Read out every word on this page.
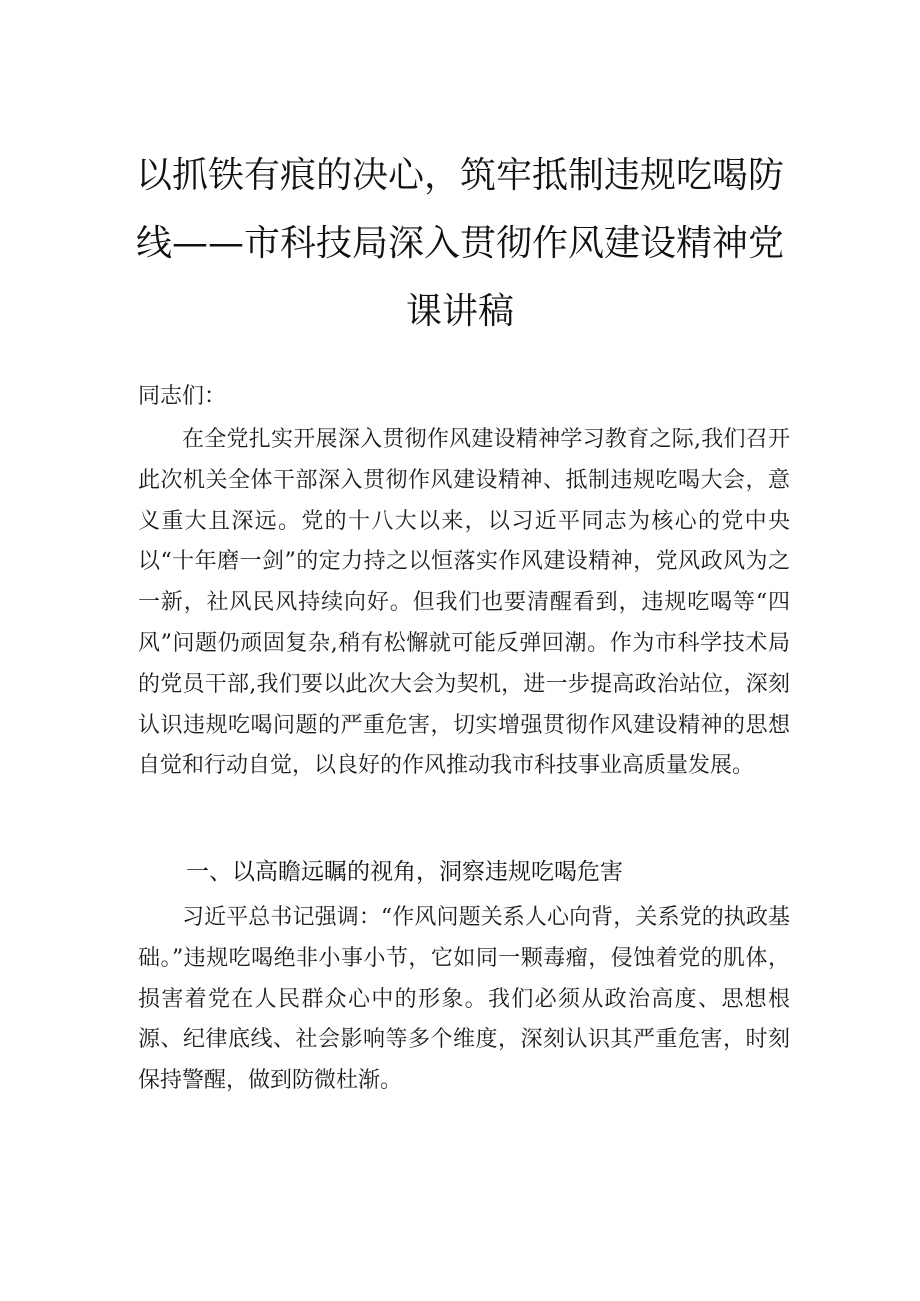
以抓铁有痕的决心，筑牢抵制违规吃喝防线——市科技局深入贯彻作风建设精神党课讲稿

同志们：

在全党扎实开展深入贯彻作风建设精神学习教育之际,我们召开此次机关全体干部深入贯彻作风建设精神、抵制违规吃喝大会，意义重大且深远。党的十八大以来，以习近平同志为核心的党中央以“十年磨一剑”的定力持之以恒落实作风建设精神，党风政风为之一新，社风民风持续向好。但我们也要清醒看到，违规吃喝等“四风”问题仍顽固复杂,稍有松懈就可能反弹回潮。作为市科学技术局的党员干部,我们要以此次大会为契机，进一步提高政治站位，深刻认识违规吃喝问题的严重危害，切实增强贯彻作风建设精神的思想自觉和行动自觉，以良好的作风推动我市科技事业高质量发展。

一、以高瞻远瞩的视角，洞察违规吃喝危害

习近平总书记强调：“作风问题关系人心向背，关系党的执政基础。”违规吃喝绝非小事小节，它如同一颗毒瘤，侵蚀着党的肌体，损害着党在人民群众心中的形象。我们必须从政治高度、思想根源、纪律底线、社会影响等多个维度，深刻认识其严重危害，时刻保持警醒，做到防微杜渐。
